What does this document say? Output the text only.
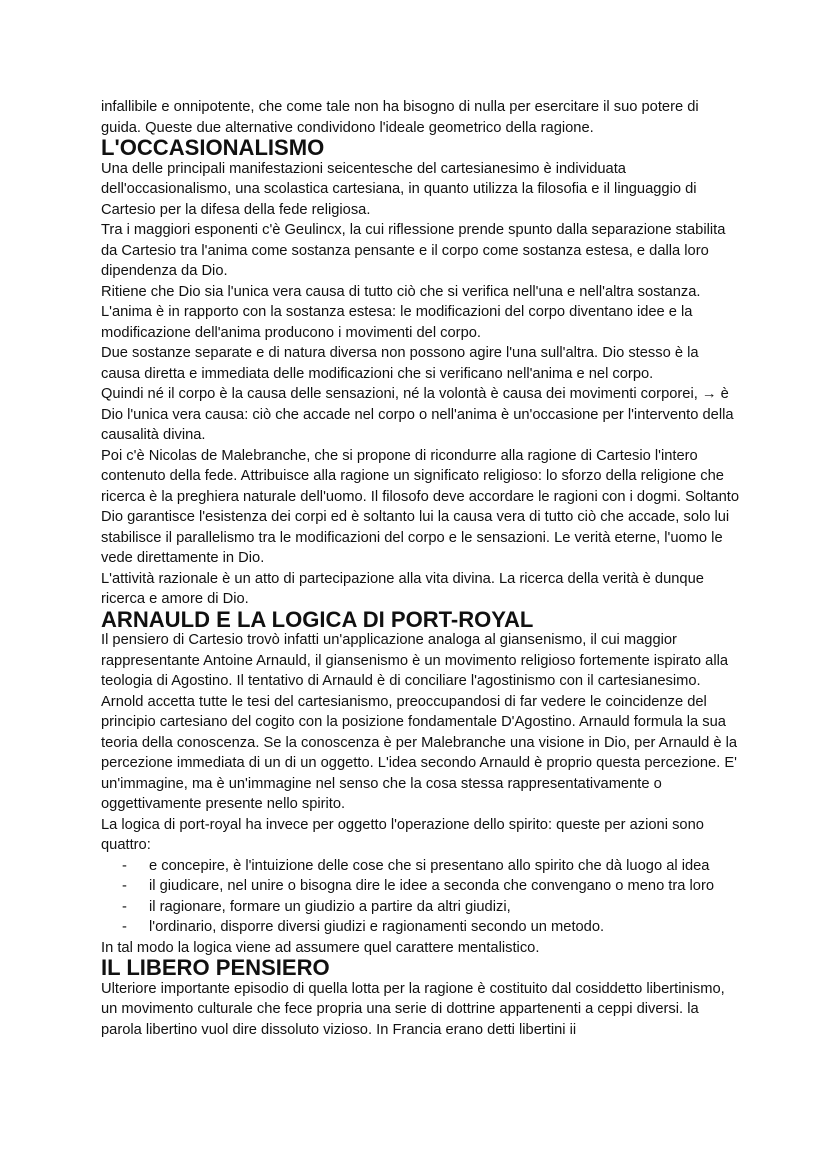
infallibile e onnipotente, che come tale non ha bisogno di nulla per esercitare il suo potere di guida. Queste due alternative condividono l'ideale geometrico della ragione.

L'OCCASIONALISMO

Una delle principali manifestazioni seicentesche del cartesianesimo è individuata dell'occasionalismo, una scolastica cartesiana, in quanto utilizza la filosofia e il linguaggio di Cartesio per la difesa della fede religiosa.

Tra i maggiori esponenti c'è Geulincx, la cui riflessione prende spunto dalla separazione stabilita da Cartesio tra l'anima come sostanza pensante e il corpo come sostanza estesa, e dalla loro dipendenza da Dio.

Ritiene che Dio sia l'unica vera causa di tutto ciò che si verifica nell'una e nell'altra sostanza. L'anima è in rapporto con la sostanza estesa: le modificazioni del corpo diventano idee e la modificazione dell'anima producono i movimenti del corpo.

Due sostanze separate e di natura diversa non possono agire l'una sull'altra. Dio stesso è la causa diretta e immediata delle modificazioni che si verificano nell'anima e nel corpo.

Quindi né il corpo è la causa delle sensazioni, né la volontà è causa dei movimenti corporei, → è Dio l'unica vera causa: ciò che accade nel corpo o nell'anima è un'occasione per l'intervento della causalità divina.

Poi c'è Nicolas de Malebranche, che si propone di ricondurre alla ragione di Cartesio l'intero contenuto della fede. Attribuisce alla ragione un significato religioso: lo sforzo della religione che ricerca è la preghiera naturale dell'uomo. Il filosofo deve accordare le ragioni con i dogmi. Soltanto Dio garantisce l'esistenza dei corpi ed è soltanto lui la causa vera di tutto ciò che accade, solo lui stabilisce il parallelismo tra le modificazioni del corpo e le sensazioni. Le verità eterne, l'uomo le vede direttamente in Dio.

L'attività razionale è un atto di partecipazione alla vita divina. La ricerca della verità è dunque ricerca e amore di Dio.

ARNAULD E LA LOGICA DI PORT-ROYAL

Il pensiero di Cartesio trovò infatti un'applicazione analoga al giansenismo, il cui maggior rappresentante Antoine Arnauld, il giansenismo è un movimento religioso fortemente ispirato alla teologia di Agostino. Il tentativo di Arnauld è di conciliare l'agostinismo con il cartesianesimo. Arnold accetta tutte le tesi del cartesianismo, preoccupandosi di far vedere le coincidenze del principio cartesiano del cogito con la posizione fondamentale D'Agostino. Arnauld formula la sua teoria della conoscenza. Se la conoscenza è per Malebranche una visione in Dio, per Arnauld è la percezione immediata di un di un oggetto. L'idea secondo Arnauld è proprio questa percezione. E' un'immagine, ma è un'immagine nel senso che la cosa stessa rappresentativamente o oggettivamente presente nello spirito.

La logica di port-royal ha invece per oggetto l'operazione dello spirito: queste per azioni sono quattro:

- e concepire, è l'intuizione delle cose che si presentano allo spirito che dà luogo al idea
- il giudicare, nel unire o bisogna dire le idee a seconda che convengano o meno tra loro
- il ragionare, formare un giudizio a partire da altri giudizi,
- l'ordinario, disporre diversi giudizi e ragionamenti secondo un metodo.

In tal modo la logica viene ad assumere quel carattere mentalistico.

IL LIBERO PENSIERO

Ulteriore importante episodio di quella lotta per la ragione è costituito dal cosiddetto libertinismo, un movimento culturale che fece propria una serie di dottrine appartenenti a ceppi diversi. la parola libertino vuol dire dissoluto vizioso. In Francia erano detti libertini ii
